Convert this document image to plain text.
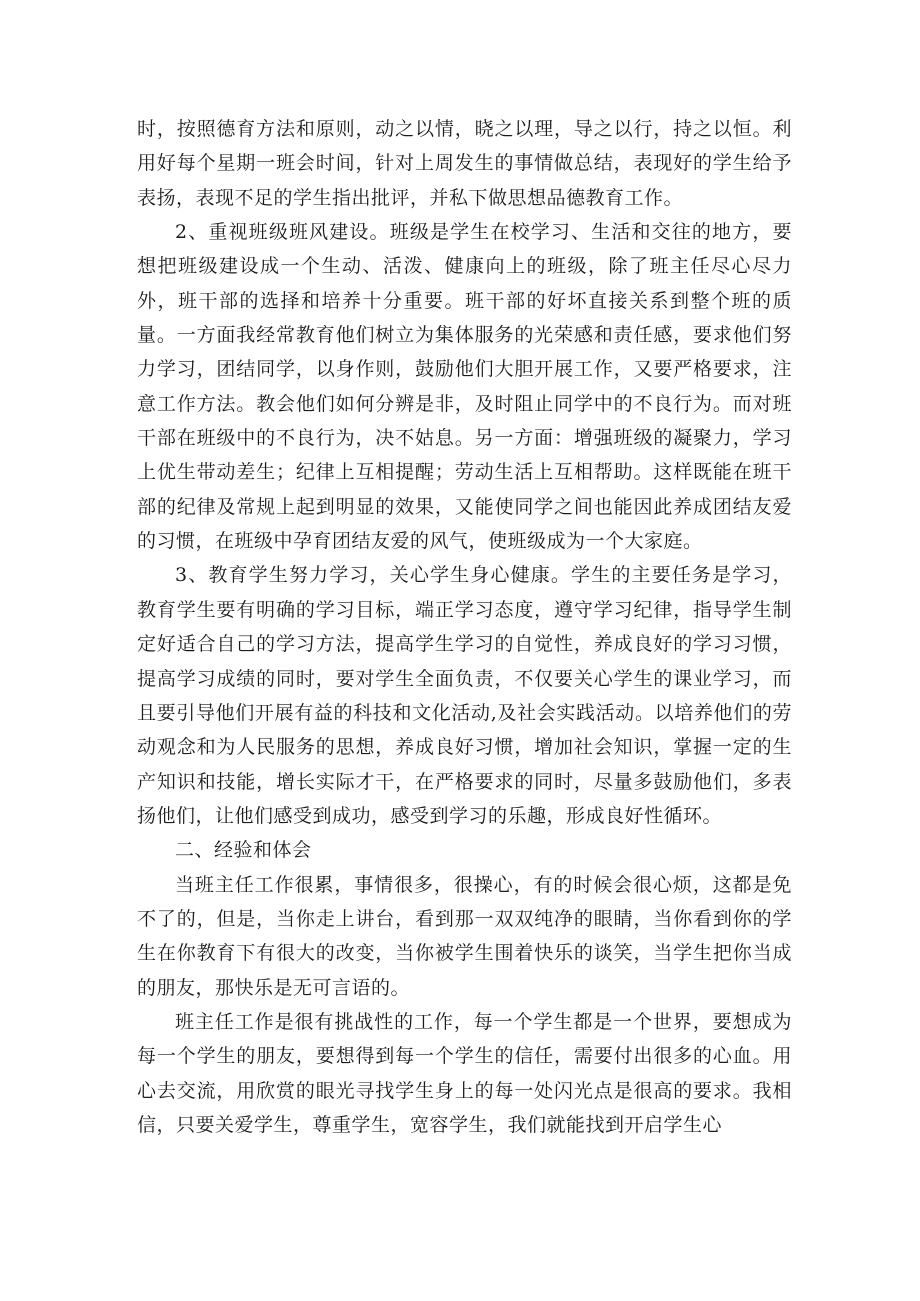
时，按照德育方法和原则，动之以情，晓之以理，导之以行，持之以恒。利用好每个星期一班会时间，针对上周发生的事情做总结，表现好的学生给予表扬，表现不足的学生指出批评，并私下做思想品德教育工作。

2、重视班级班风建设。班级是学生在校学习、生活和交往的地方，要想把班级建设成一个生动、活泼、健康向上的班级，除了班主任尽心尽力外，班干部的选择和培养十分重要。班干部的好坏直接关系到整个班的质量。一方面我经常教育他们树立为集体服务的光荣感和责任感，要求他们努力学习，团结同学，以身作则，鼓励他们大胆开展工作，又要严格要求，注意工作方法。教会他们如何分辨是非，及时阻止同学中的不良行为。而对班干部在班级中的不良行为，决不姑息。另一方面：增强班级的凝聚力，学习上优生带动差生；纪律上互相提醒；劳动生活上互相帮助。这样既能在班干部的纪律及常规上起到明显的效果，又能使同学之间也能因此养成团结友爱的习惯，在班级中孕育团结友爱的风气，使班级成为一个大家庭。

3、教育学生努力学习，关心学生身心健康。学生的主要任务是学习，教育学生要有明确的学习目标，端正学习态度，遵守学习纪律，指导学生制定好适合自己的学习方法，提高学生学习的自觉性，养成良好的学习习惯，提高学习成绩的同时，要对学生全面负责，不仅要关心学生的课业学习，而且要引导他们开展有益的科技和文化活动,及社会实践活动。以培养他们的劳动观念和为人民服务的思想，养成良好习惯，增加社会知识，掌握一定的生产知识和技能，增长实际才干，在严格要求的同时，尽量多鼓励他们，多表扬他们，让他们感受到成功，感受到学习的乐趣，形成良好性循环。

二、经验和体会

当班主任工作很累，事情很多，很操心，有的时候会很心烦，这都是免不了的，但是，当你走上讲台，看到那一双双纯净的眼睛，当你看到你的学生在你教育下有很大的改变，当你被学生围着快乐的谈笑，当学生把你当成的朋友，那快乐是无可言语的。

班主任工作是很有挑战性的工作，每一个学生都是一个世界，要想成为每一个学生的朋友，要想得到每一个学生的信任，需要付出很多的心血。用心去交流，用欣赏的眼光寻找学生身上的每一处闪光点是很高的要求。我相信，只要关爱学生，尊重学生，宽容学生，我们就能找到开启学生心
